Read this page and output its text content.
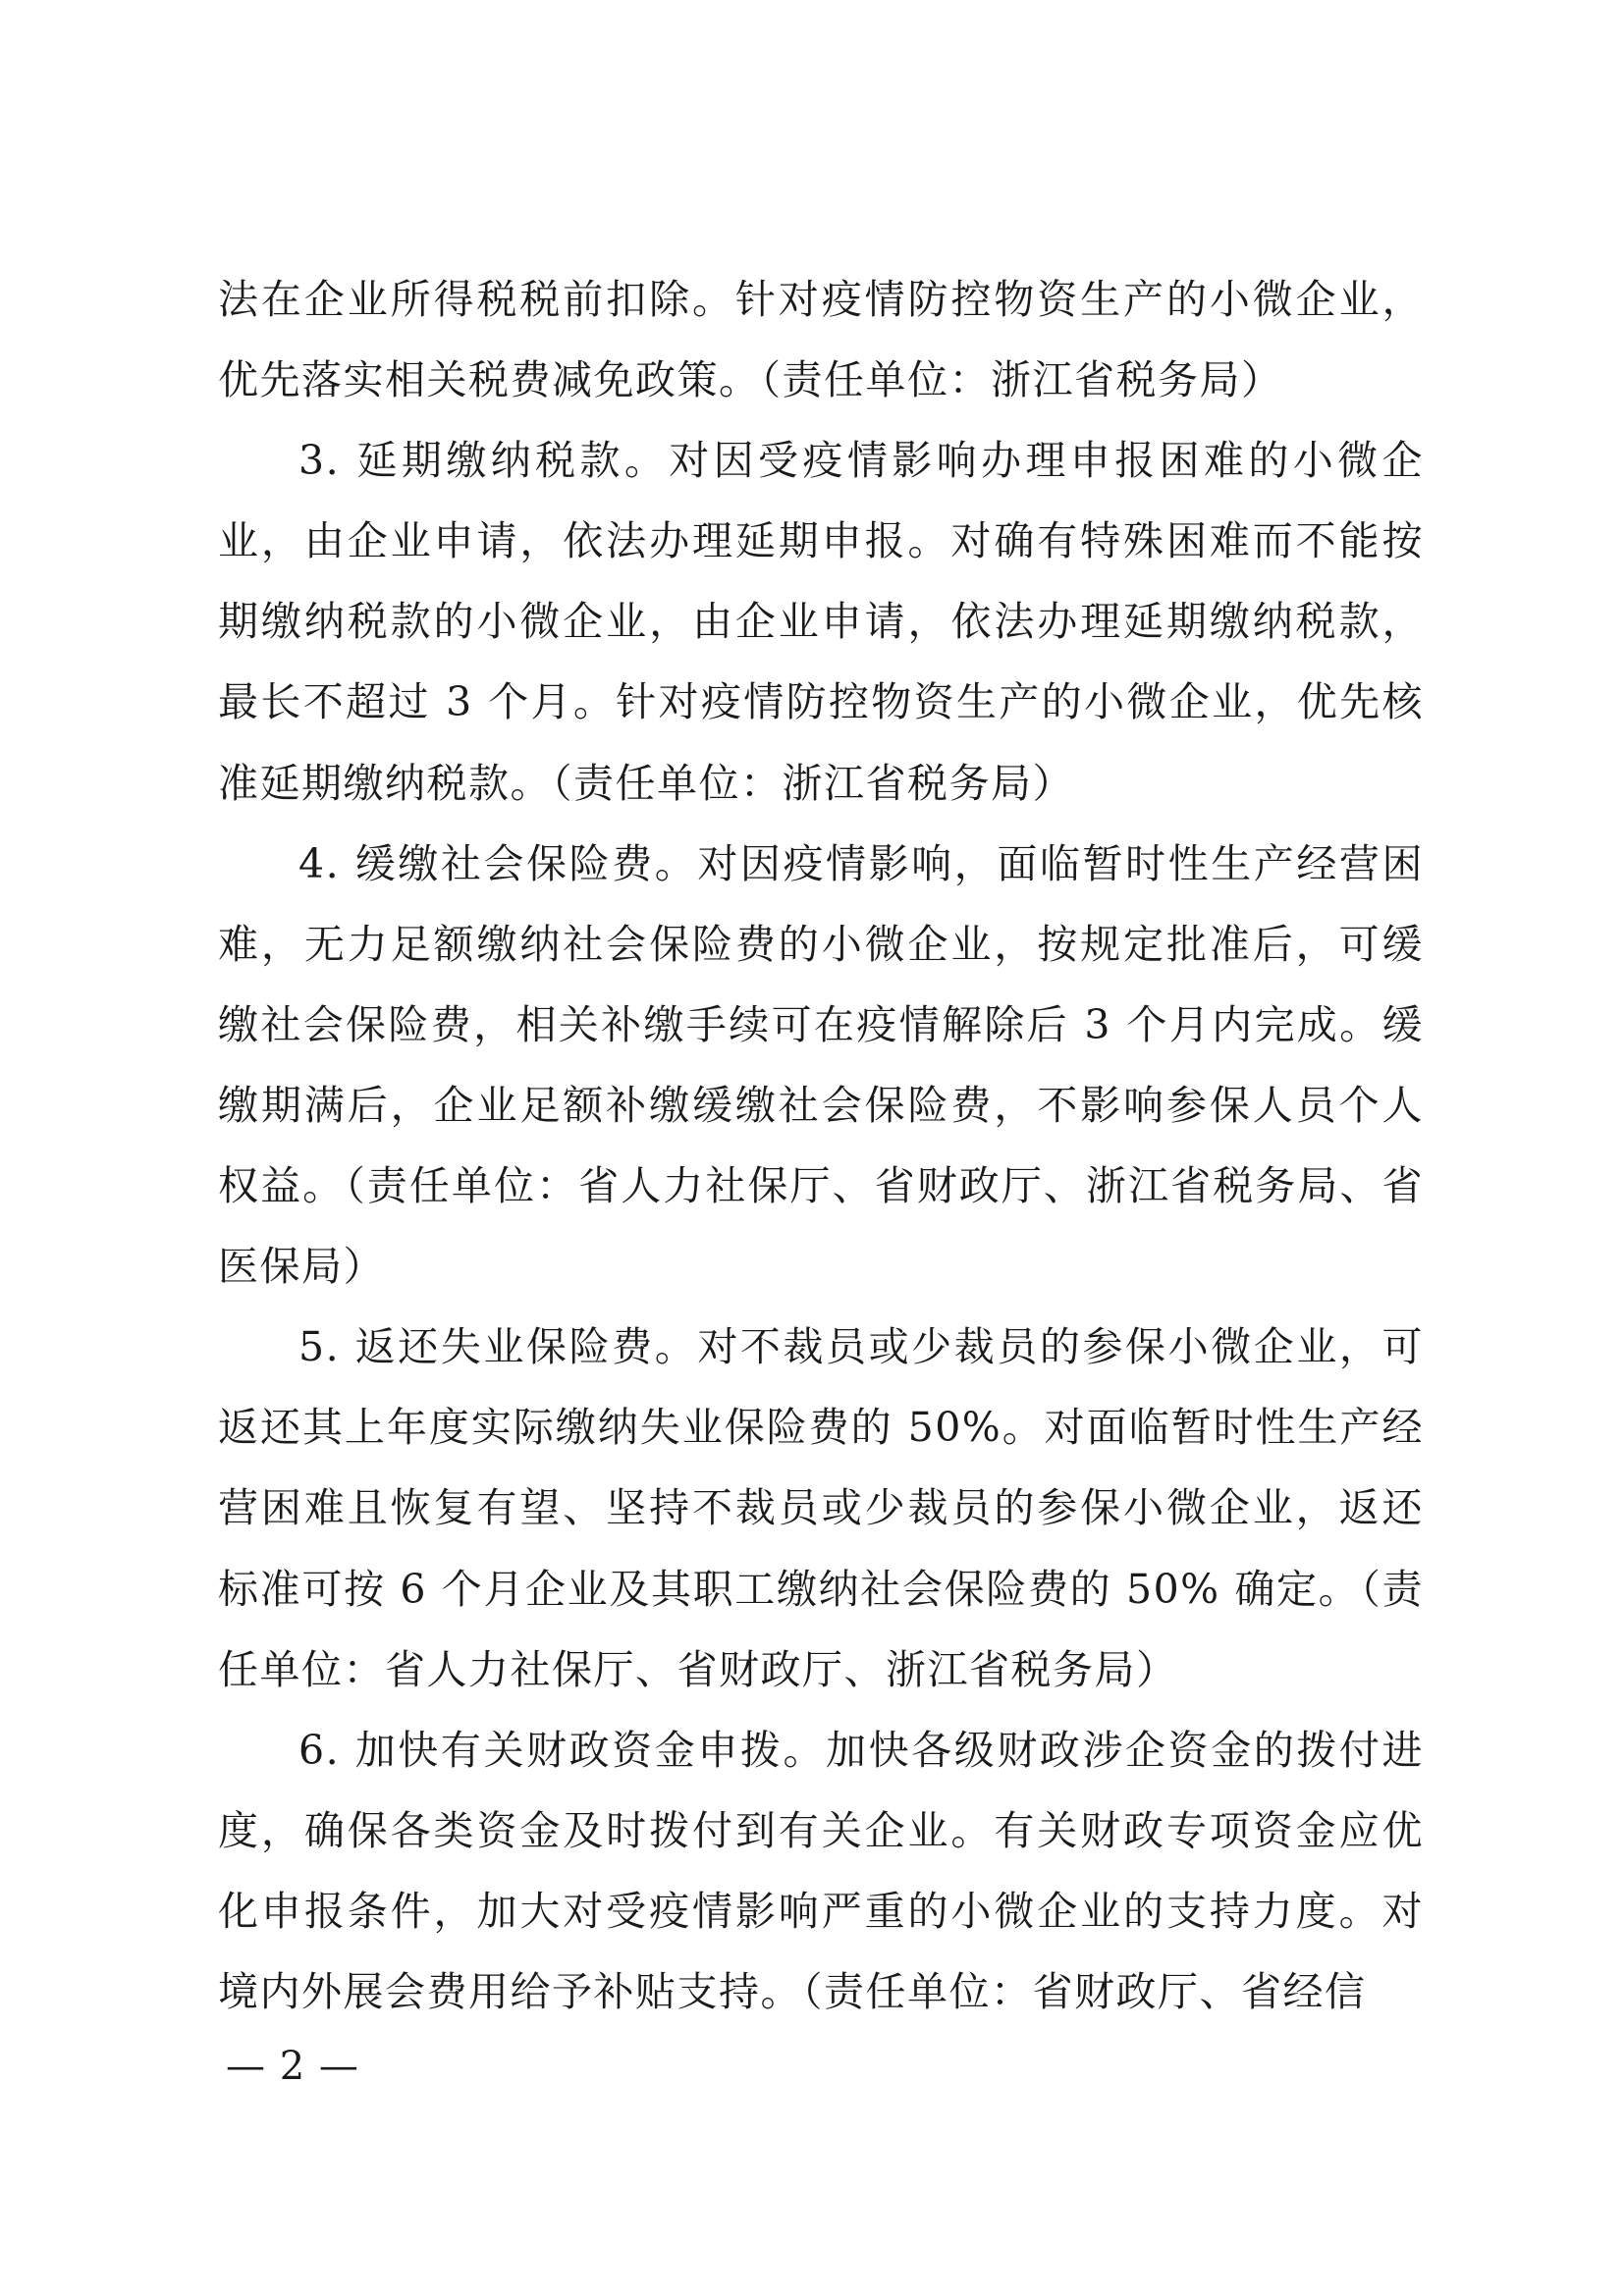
法在企业所得税税前扣除。针对疫情防控物资生产的小微企业，优先落实相关税费减免政策。（责任单位：浙江省税务局）

3. 延期缴纳税款。对因受疫情影响办理申报困难的小微企业，由企业申请，依法办理延期申报。对确有特殊困难而不能按期缴纳税款的小微企业，由企业申请，依法办理延期缴纳税款，最长不超过 3 个月。针对疫情防控物资生产的小微企业，优先核准延期缴纳税款。（责任单位：浙江省税务局）

4. 缓缴社会保险费。对因疫情影响，面临暂时性生产经营困难，无力足额缴纳社会保险费的小微企业，按规定批准后，可缓缴社会保险费，相关补缴手续可在疫情解除后 3 个月内完成。缓缴期满后，企业足额补缴缓缴社会保险费，不影响参保人员个人权益。（责任单位：省人力社保厅、省财政厅、浙江省税务局、省医保局）

5. 返还失业保险费。对不裁员或少裁员的参保小微企业，可返还其上年度实际缴纳失业保险费的 50%。对面临暂时性生产经营困难且恢复有望、坚持不裁员或少裁员的参保小微企业，返还标准可按 6 个月企业及其职工缴纳社会保险费的 50% 确定。（责任单位：省人力社保厅、省财政厅、浙江省税务局）

6. 加快有关财政资金申拨。加快各级财政涉企资金的拨付进度，确保各类资金及时拨付到有关企业。有关财政专项资金应优化申报条件，加大对受疫情影响严重的小微企业的支持力度。对境内外展会费用给予补贴支持。（责任单位：省财政厅、省经信

— 2 —
